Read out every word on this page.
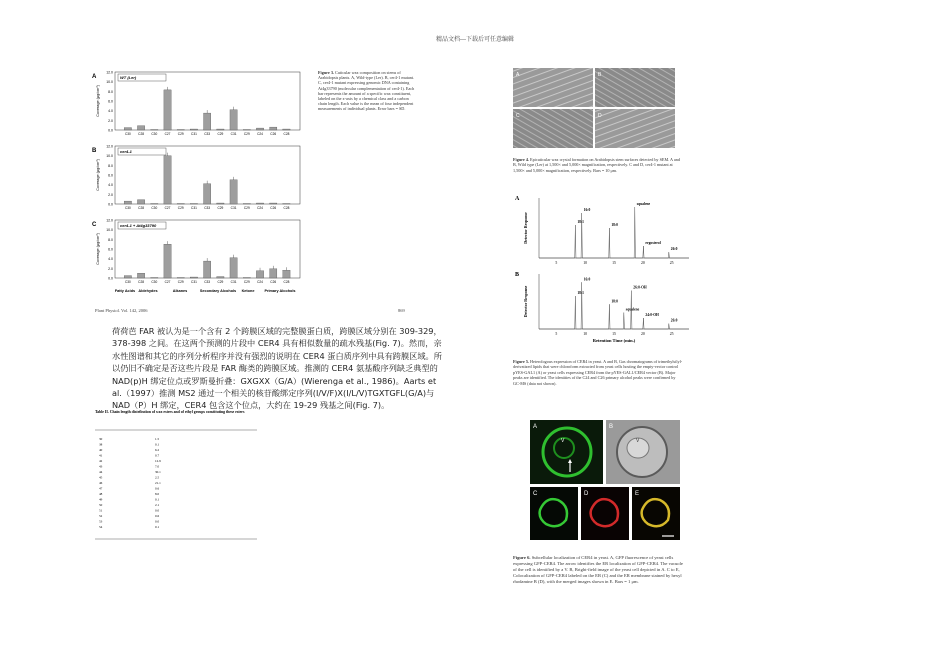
精品文档---下载后可任意编辑
A
12.0
10.0
8.0
6.0
4.0
2.0
0.0
Coverage (μg/cm²)
WT (Ler)
C30 C28 C30 C27 C29 C31 C33 C29 C31 C29 C24 C26 C28
B
12.0
10.0
8.0
6.0
4.0
2.0
0.0
Coverage (μg/cm²)
cer4-1
C30 C28 C30 C27 C29 C31 C33 C29 C31 C29 C24 C26 C28
C
12.0
10.0
8.0
6.0
4.0
2.0
0.0
Coverage (μg/cm²)
cer4-1 + At4g33790
C30 C28 C30 C27 C29 C31 C33 C29 C31 C29 C24 C26 C28
Fatty Acids Aldehydes	Alkanes	Secondary Alcohols Ketone	Primary Alcohols
Figure 3. Cuticular wax composition on stems of Arabidopsis plants. A, Wild-type (Ler). B, cer4-1 mutant. C, cer4-1 mutant expressing genomic DNA containing At4g33790 (molecular complementation of cer4-1). Each bar represents the amount of a specific wax constituent, labeled on the x-axis by a chemical class and a carbon chain length. Each value is the mean of four independent measurements of individual plants. Error bars = SD.
Plant Physiol. Vol. 142, 2006	869
荷荷芭 FAR 被认为是一个含有 2 个跨膜区域的完整膜蛋白质，跨膜区域分别在 309-329，378-398 之间。在这两个预测的片段中 CER4 具有相似数量的疏水残基(Fig. 7)。然而，亲水性图谱和其它的序列分析程序并没有强烈的说明在 CER4 蛋白质序列中具有跨膜区域。所以仍旧不确定是否这些片段是 FAR 酶类的跨膜区域。推测的 CER4 氨基酸序列缺乏典型的 NAD(p)H 绑定位点或罗斯曼折叠：GXGXX（G/A）(Wierenga et al., 1986)。Aarts et al.（1997）推测 MS2 通过一个相关的核苷酸绑定序列(I/V/F)X(I/L/V)TGXTGFL(G/A)与 NAD（P）H 绑定，CER4 包含这个位点，大约在 19-29 残基之间(Fig. 7)。
Table II. Chain length distribution of wax esters and of ethyl groups constituting these esters
30	1.5
38	0.1
40	6.2
41	0.7
42	12.9
43	7.0
44	30.1
45	2.5
46	21.1
47	0.6
48	8.0
49	0.1
50	2.1
51	0.0
52	0.6
53	0.0
54	0.1
A	B
C	D
Figure 4. Epicuticular wax crystal formation on Arabidopsis stem surfaces detected by SEM. A and B, Wild type (Ler) at 1,500× and 5,000× magnification, respectively. C and D, cer4-1 mutant at 1,500× and 5,000× magnification, respectively. Bars = 10 μm.
A
Detector Response	18:1
16:0
18:0
squalene
ergosterol
26:0
5	10	15	20	25
B
Detector Response	18:1
16:0
18:0
squalene
26:0-OH
24:0-OH
26:0
5	10	15	20	25
Retention Time (min.)
Figure 5. Heterologous expression of CER4 in yeast. A and B, Gas chromatograms of trimethylsilyl-derivatized lipids that were chloroform extracted from yeast cells hosting the empty-vector control pYES-GAL1 (A) or yeast cells expressing CER4 from the pYES-GAL1/CER4 vector (B). Major peaks are identified. The identities of the C24 and C26 primary alcohol peaks were confirmed by GC-MS (data not shown).
A	B
C	D	E
V	V
Figure 6. Subcellular localization of CER4 in yeast. A, GFP fluorescence of yeast cells expressing GFP-CER4. The arrow identifies the ER localization of GFP-CER4. The vacuole of the cell is identified by a V. B, Bright-field image of the yeast cell depicted in A. C to E, Colocalization of GFP-CER4 labeled on the ER (C) and the ER membrane stained by hexyl rhodamine B (D), with the merged images shown in E. Bars = 1 μm.
